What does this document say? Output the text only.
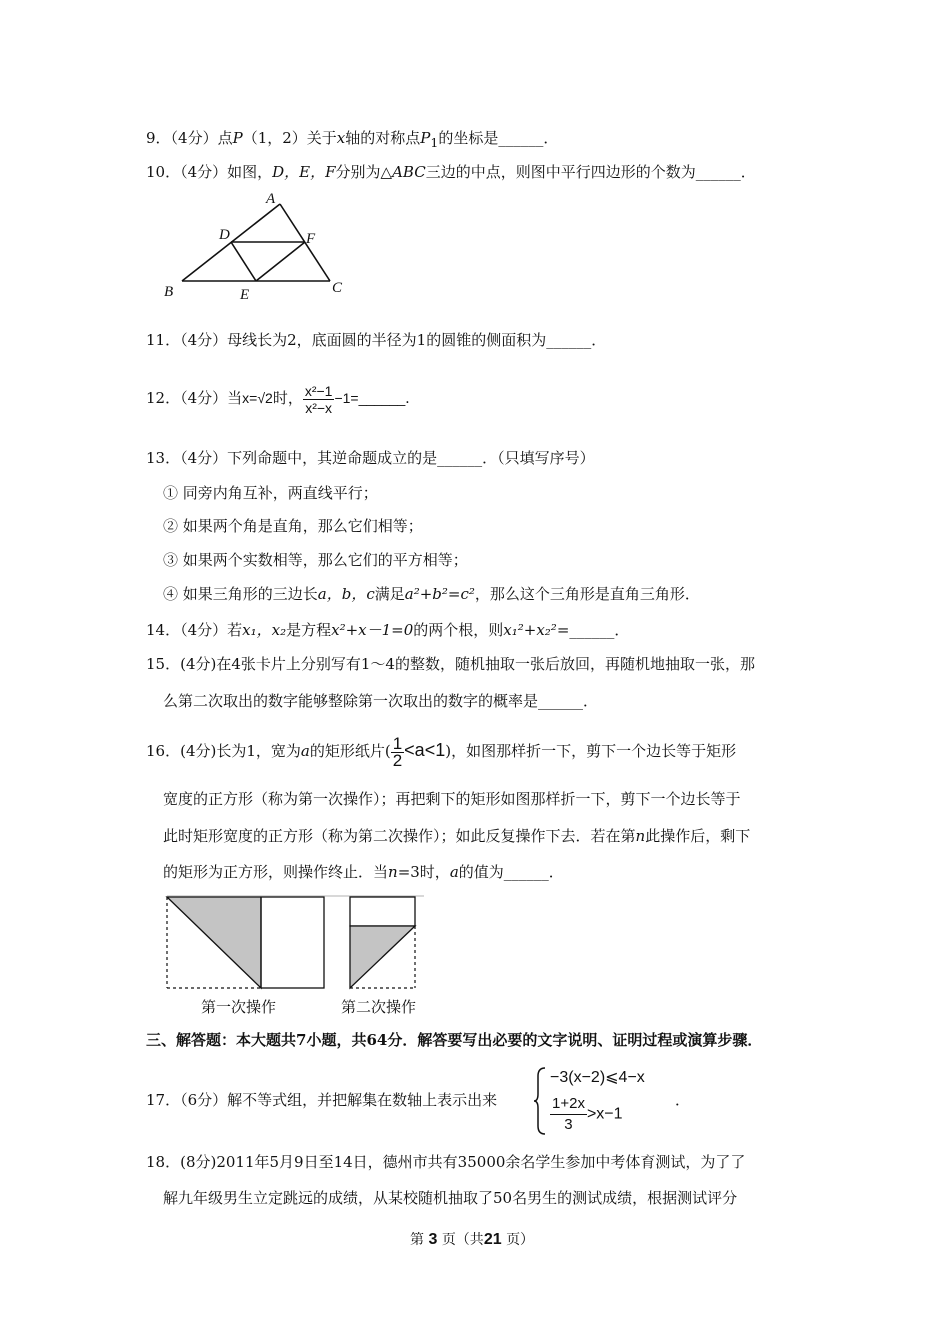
9．（4分）点P（1，2）关于x轴的对称点$P_1$的坐标是______．
10．（4分）如图，D，E，F分别为△ABC三边的中点，则图中平行四边形的个数为______．
A
D	F
B	E	C
11．（4分）母线长为2，底面圆的半径为1的圆锥的侧面积为______．
12．（4分）当x=√2时， $\frac{\text{x²−1}}{\text{x²−x}}$ −1=______．
13．（4分）下列命题中，其逆命题成立的是______．（只填写序号）
① 同旁内角互补，两直线平行；
② 如果两个角是直角，那么它们相等；
③ 如果两个实数相等，那么它们的平方相等；
④ 如果三角形的三边长a，b，c满足a²+b²=c²，那么这个三角形是直角三角形．
14．（4分）若x₁，x₂是方程x²+x－1=0的两个根，则x₁²+x₂²=______．
15．(4分)在4张卡片上分别写有1～4的整数，随机抽取一张后放回，再随机地抽取一张，那
么第二次取出的数字能够整除第一次取出的数字的概率是______．
16．(4分)长为1，宽为a的矩形纸片( $\frac{1}{2} <a<1$)，如图那样折一下，剪下一个边长等于矩形
宽度的正方形（称为第一次操作）；再把剩下的矩形如图那样折一下，剪下一个边长等于
此时矩形宽度的正方形（称为第二次操作）；如此反复操作下去．若在第n此操作后，剩下
的矩形为正方形，则操作终止．当n=3时，a的值为______．
第一次操作	第二次操作
三、解答题：本大题共7小题，共64分．解答要写出必要的文字说明、证明过程或演算步骤．
17．（6分）解不等式组，并把解集在数轴上表示出来
−3(x−2)⩽4−x
$\frac{1+2x}{3} >x-1$
．
18．(8分)2011年5月9日至14日，德州市共有35000余名学生参加中考体育测试，为了了
解九年级男生立定跳远的成绩，从某校随机抽取了50名男生的测试成绩，根据测试评分
第 3 页（共21 页）
